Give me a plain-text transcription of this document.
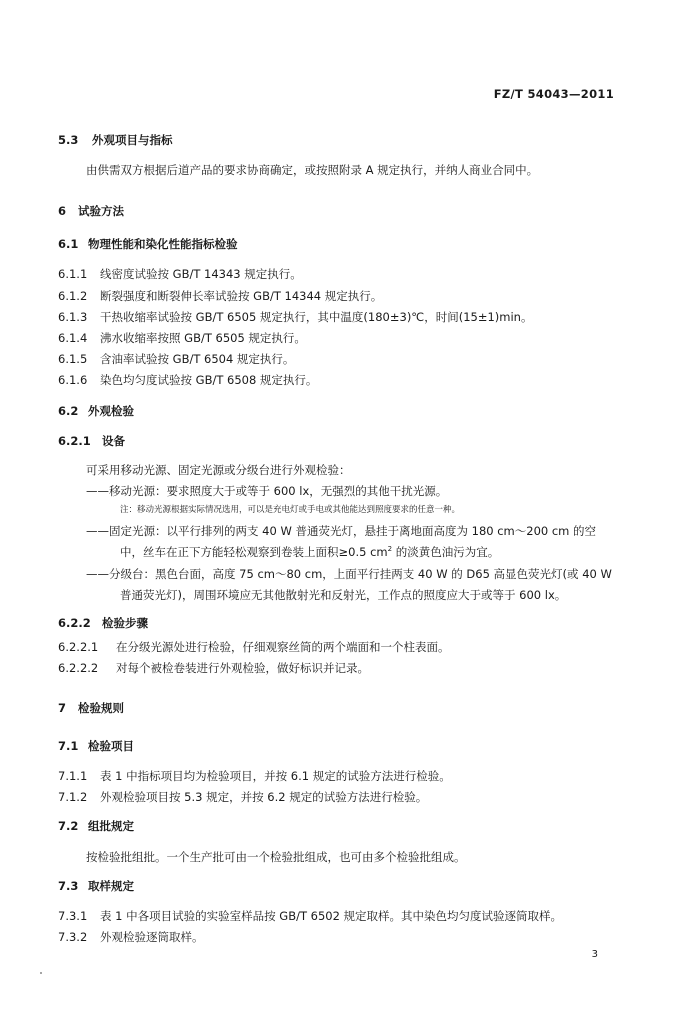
FZ/T 54043—2011
5.3 外观项目与指标
由供需双方根据后道产品的要求协商确定，或按照附录 A 规定执行，并纳人商业合同中。
6 试验方法
6.1 物理性能和染化性能指标检验
6.1.1 线密度试验按 GB/T 14343 规定执行。
6.1.2 断裂强度和断裂伸长率试验按 GB/T 14344 规定执行。
6.1.3 干热收缩率试验按 GB/T 6505 规定执行，其中温度(180±3)℃，时间(15±1)min。
6.1.4 沸水收缩率按照 GB/T 6505 规定执行。
6.1.5 含油率试验按 GB/T 6504 规定执行。
6.1.6 染色均匀度试验按 GB/T 6508 规定执行。
6.2 外观检验
6.2.1 设备
可采用移动光源、固定光源或分级台进行外观检验：
——移动光源：要求照度大于或等于 600 lx，无强烈的其他干扰光源。
注：移动光源根据实际情况选用，可以是充电灯或手电或其他能达到照度要求的任意一种。
——固定光源：以平行排列的两支 40 W 普通荧光灯，悬挂于离地面高度为 180 cm～200 cm 的空
中，丝车在正下方能轻松观察到卷装上面积≥0.5 $cm^2$ 的淡黄色油污为宜。
——分级台：黑色台面，高度 75 cm～80 cm，上面平行挂两支 40 W 的 D65 高显色荧光灯(或 40 W
普通荧光灯)，周围环境应无其他散射光和反射光，工作点的照度应大于或等于 600 lx。
6.2.2 检验步骤
6.2.2.1 在分级光源处进行检验，仔细观察丝筒的两个端面和一个柱表面。
6.2.2.2 对每个被检卷装进行外观检验，做好标识并记录。
7 检验规则
7.1 检验项目
7.1.1 表 1 中指标项目均为检验项目，并按 6.1 规定的试验方法进行检验。
7.1.2 外观检验项目按 5.3 规定，并按 6.2 规定的试验方法进行检验。
7.2 组批规定
按检验批组批。一个生产批可由一个检验批组成，也可由多个检验批组成。
7.3 取样规定
7.3.1 表 1 中各项目试验的实验室样品按 GB/T 6502 规定取样。其中染色均匀度试验逐筒取样。
7.3.2 外观检验逐筒取样。
3
